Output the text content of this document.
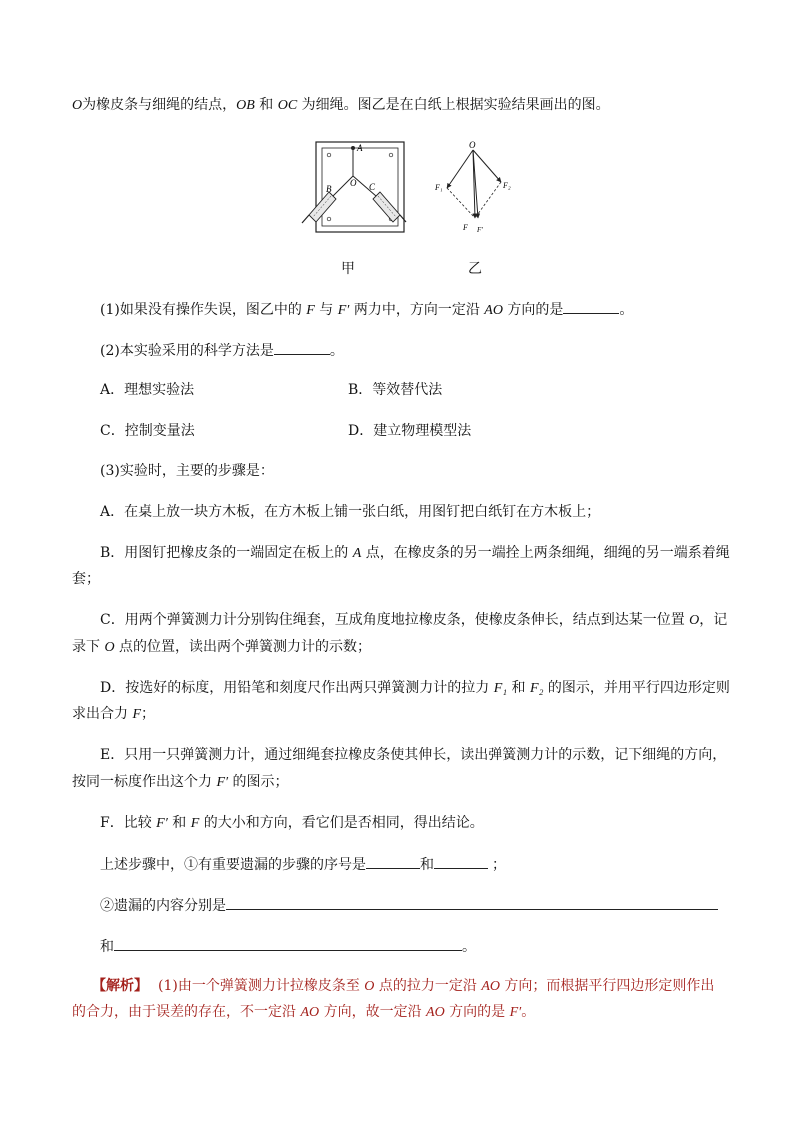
O为橡皮条与细绳的结点，OB 和 OC 为细绳。图乙是在白纸上根据实验结果画出的图。
A
O
B	C
O
F₁	F₂
F F′
甲	乙
(1)如果没有操作失误，图乙中的 F 与 F′ 两力中，方向一定沿 AO 方向的是	。
(2)本实验采用的科学方法是	。
A．理想实验法	B．等效替代法
C．控制变量法	D．建立物理模型法
(3)实验时，主要的步骤是：
A．在桌上放一块方木板，在方木板上铺一张白纸，用图钉把白纸钉在方木板上；
B．用图钉把橡皮条的一端固定在板上的 A 点，在橡皮条的另一端拴上两条细绳，细绳的另一端系着绳
套；
C．用两个弹簧测力计分别钩住绳套，互成角度地拉橡皮条，使橡皮条伸长，结点到达某一位置 O，记
录下 O 点的位置，读出两个弹簧测力计的示数；
D．按选好的标度，用铅笔和刻度尺作出两只弹簧测力计的拉力 F₁ 和 F₂ 的图示，并用平行四边形定则
求出合力 F；
E．只用一只弹簧测力计，通过细绳套拉橡皮条使其伸长，读出弹簧测力计的示数，记下细绳的方向，
按同一标度作出这个力 F′ 的图示；
F．比较 F′ 和 F 的大小和方向，看它们是否相同，得出结论。
上述步骤中，①有重要遗漏的步骤的序号是	和	；
②遗漏的内容分别是
和	。
【解析】 (1)由一个弹簧测力计拉橡皮条至 O 点的拉力一定沿 AO 方向；而根据平行四边形定则作出
的合力，由于误差的存在，不一定沿 AO 方向，故一定沿 AO 方向的是 F′。
